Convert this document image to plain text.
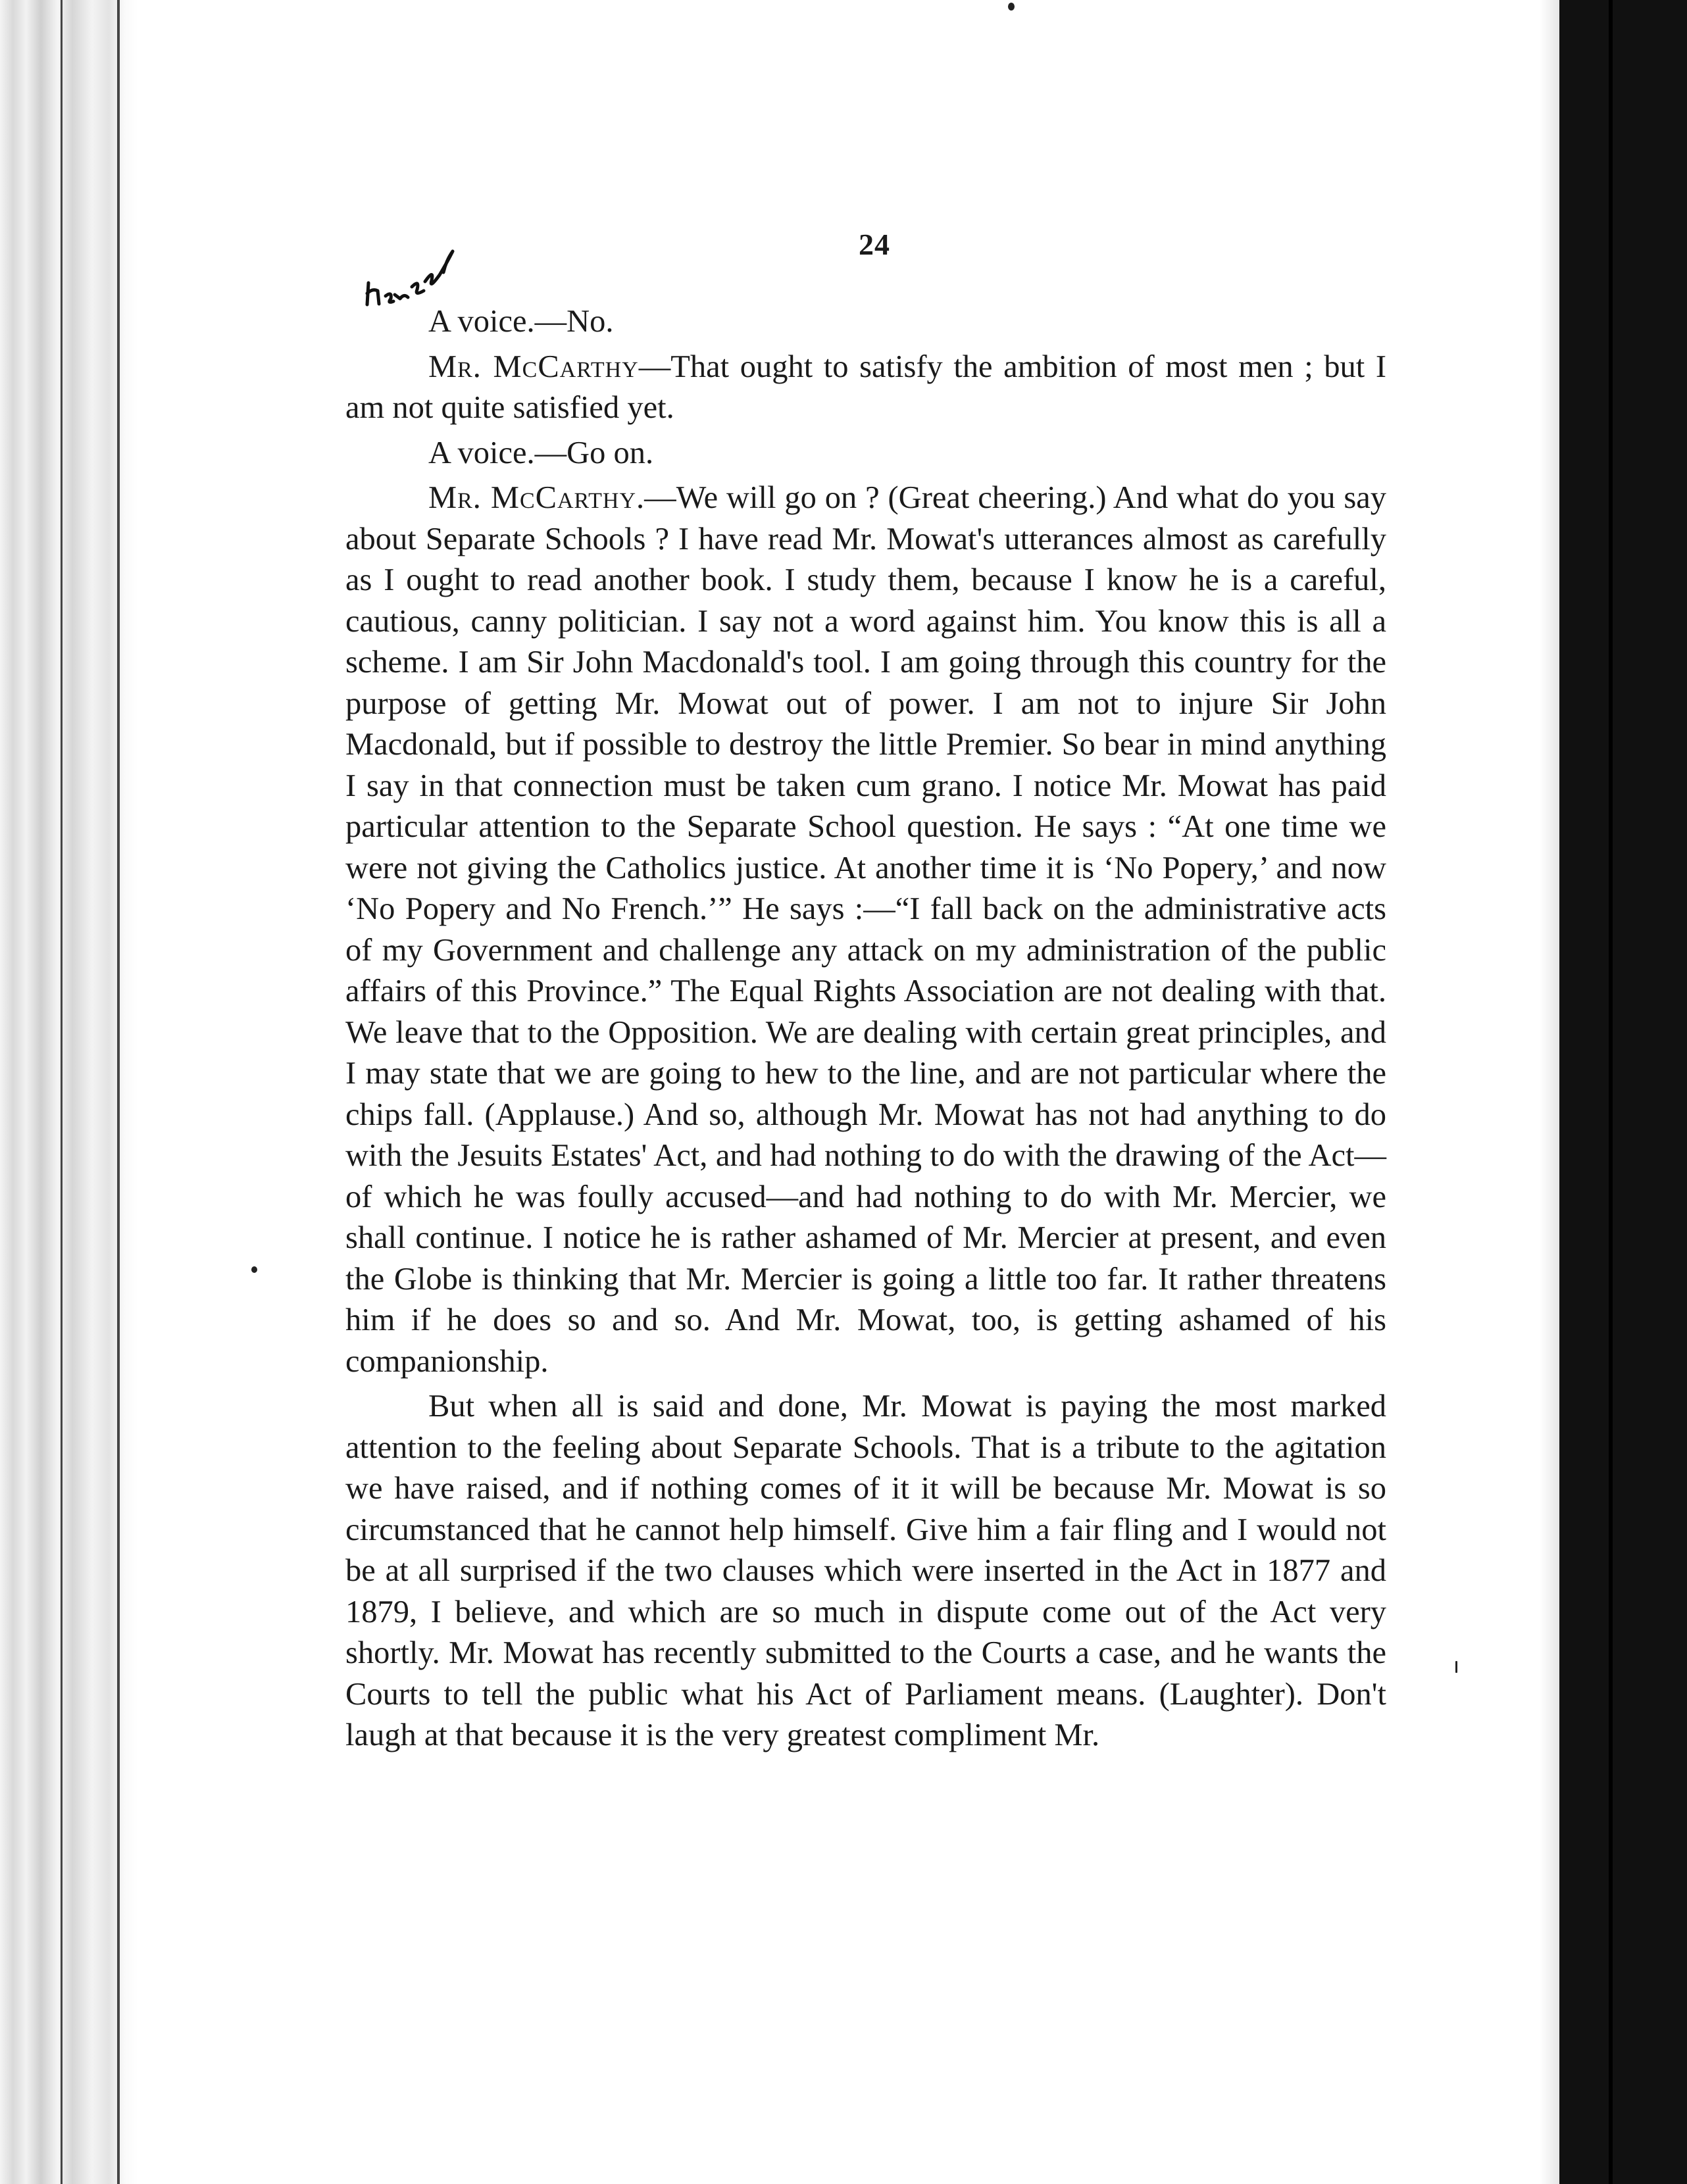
24

A voice.—No.

Mr. McCarthy—That ought to satisfy the ambition of most men ; but I am not quite satisfied yet.

A voice.—Go on.

Mr. McCarthy.—We will go on ? (Great cheering.) And what do you say about Separate Schools ? I have read Mr. Mowat's utterances almost as carefully as I ought to read another book. I study them, because I know he is a careful, cautious, canny politician. I say not a word against him. You know this is all a scheme. I am Sir John Macdonald's tool. I am going through this country for the purpose of getting Mr. Mowat out of power. I am not to injure Sir John Macdonald, but if possible to destroy the little Premier. So bear in mind anything I say in that connection must be taken cum grano. I notice Mr. Mowat has paid particular attention to the Separate School question. He says : “At one time we were not giving the Catholics justice. At another time it is ‘No Popery,’ and now ‘No Popery and No French.’” He says :—“I fall back on the administrative acts of my Government and challenge any attack on my administration of the public affairs of this Province.” The Equal Rights Association are not dealing with that. We leave that to the Opposition. We are dealing with certain great principles, and I may state that we are going to hew to the line, and are not particular where the chips fall. (Applause.) And so, although Mr. Mowat has not had anything to do with the Jesuits Estates' Act, and had nothing to do with the drawing of the Act—of which he was foully accused—and had nothing to do with Mr. Mercier, we shall continue. I notice he is rather ashamed of Mr. Mercier at present, and even the Globe is thinking that Mr. Mercier is going a little too far. It rather threatens him if he does so and so. And Mr. Mowat, too, is getting ashamed of his companionship.

But when all is said and done, Mr. Mowat is paying the most marked attention to the feeling about Separate Schools. That is a tribute to the agitation we have raised, and if nothing comes of it it will be because Mr. Mowat is so circumstanced that he cannot help himself. Give him a fair fling and I would not be at all surprised if the two clauses which were inserted in the Act in 1877 and 1879, I believe, and which are so much in dispute come out of the Act very shortly. Mr. Mowat has recently submitted to the Courts a case, and he wants the Courts to tell the public what his Act of Parliament means. (Laughter). Don't laugh at that because it is the very greatest compliment Mr.
